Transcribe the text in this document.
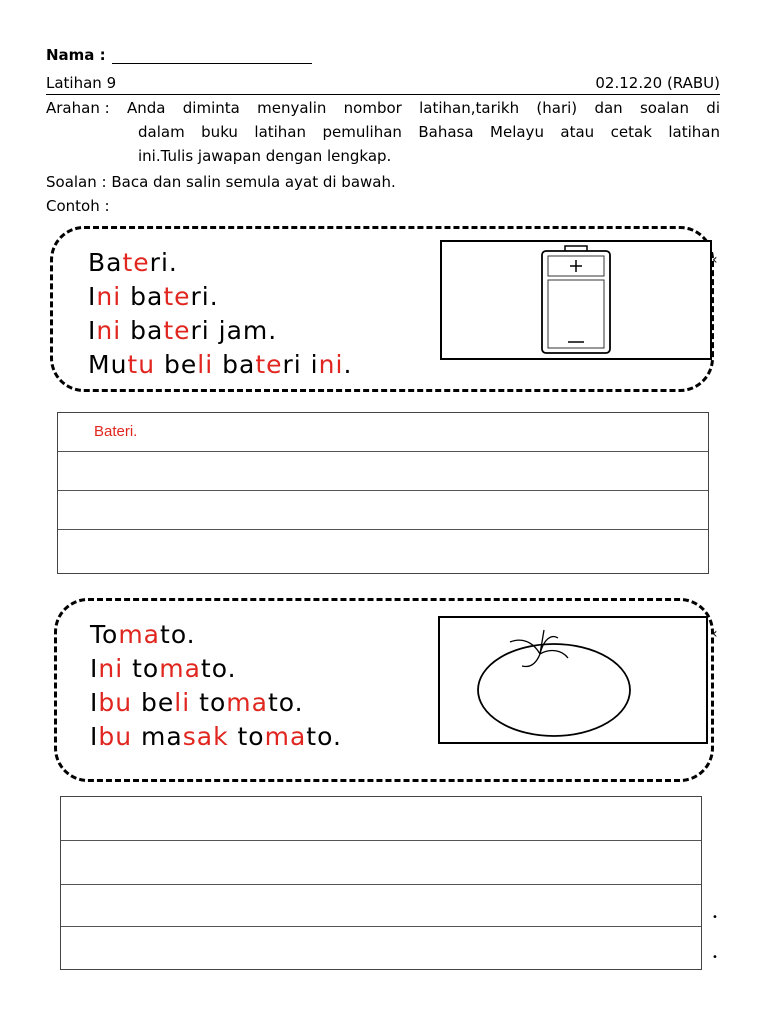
Nama :
Latihan 9	02.12.20 (RABU)
Arahan : Anda diminta menyalin nombor latihan,tarikh (hari) dan soalan di
dalam buku latihan pemulihan Bahasa Melayu atau cetak latihan
ini.Tulis jawapan dengan lengkap.
Soalan : Baca dan salin semula ayat di bawah.
Contoh :
Bateri.
Ini bateri.
Ini bateri jam.
Mutu beli bateri ini.
‹
Bateri.
Tomato.
Ini tomato.
Ibu beli tomato.
Ibu masak tomato.
‹
•
•
